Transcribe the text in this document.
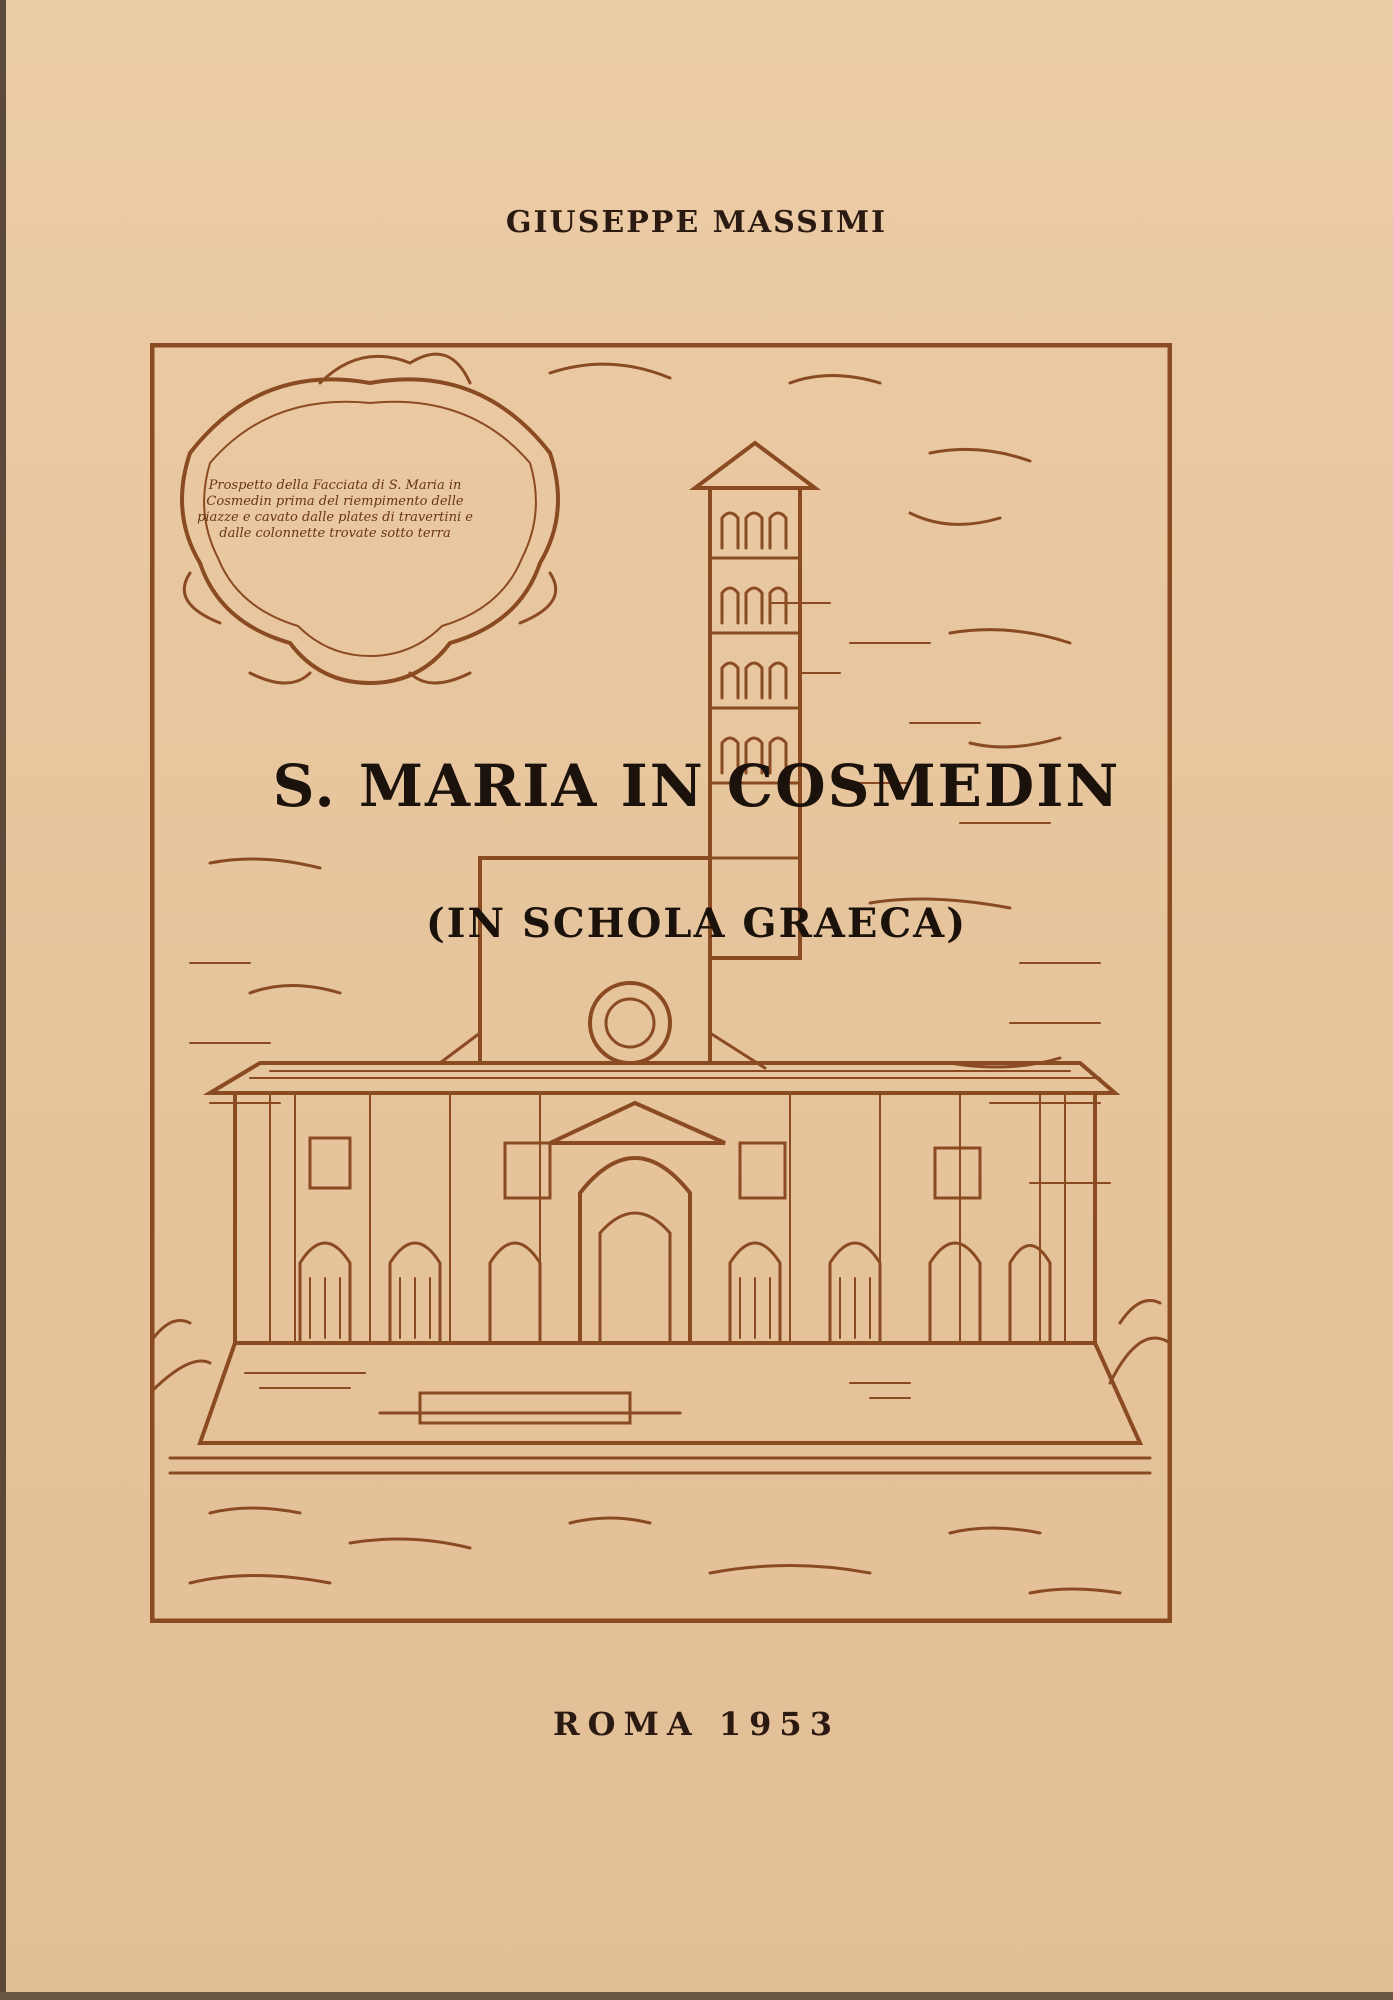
GIUSEPPE MASSIMI
Prospetto della Facciata di S. Maria in Cosmedin prima del riempimento delle piazze e cavato dalle plates di travertini e dalle colonnette trovate sotto terra
S. MARIA IN COSMEDIN
(IN SCHOLA GRAECA)
ROMA 1953
